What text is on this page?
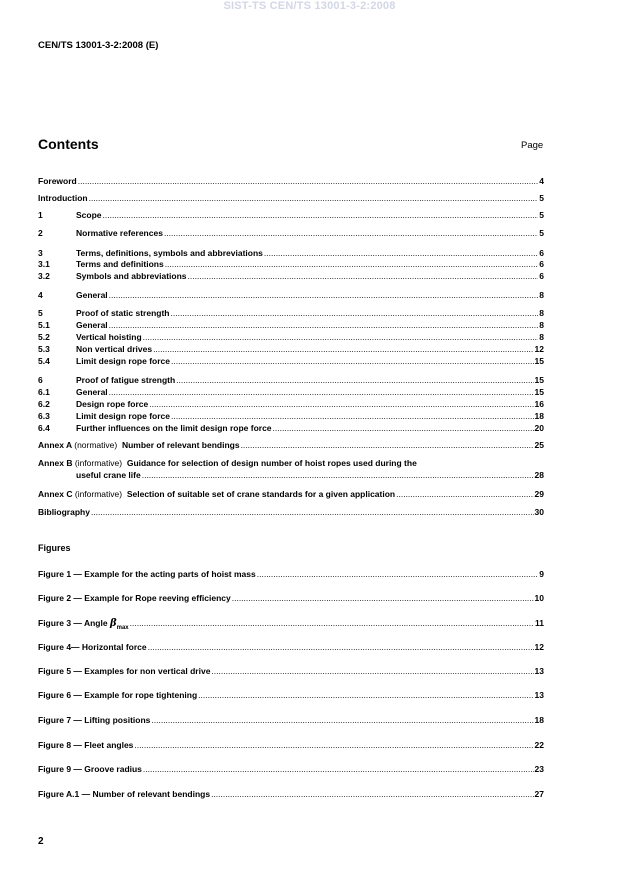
SIST-TS CEN/TS 13001-3-2:2008
CEN/TS 13001-3-2:2008 (E)
Contents	Page
Foreword .....	4
Introduction .....	5
1	Scope .....	5
2	Normative references .....	5
3	Terms, definitions, symbols and abbreviations .....	6
3.1	Terms and definitions .....	6
3.2	Symbols and abbreviations .....	6
4	General .....	8
5	Proof of static strength .....	8
5.1	General .....	8
5.2	Vertical hoisting .....	8
5.3	Non vertical drives .....	12
5.4	Limit design rope force .....	15
6	Proof of fatigue strength .....	15
6.1	General .....	15
6.2	Design rope force .....	16
6.3	Limit design rope force .....	18
6.4	Further influences on the limit design rope force .....	20
Annex A (normative) Number of relevant bendings .....	25
Annex B (informative) Guidance for selection of design number of hoist ropes used during the
useful crane life .....	28
Annex C (informative) Selection of suitable set of crane standards for a given application .....	29
Bibliography .....	30
Figures
Figure 1 — Example for the acting parts of hoist mass .....	9
Figure 2 — Example for Rope reeving efficiency .....	10
Figure 3 — Angle $\beta_{max}$ .....	11
Figure 4— Horizontal force .....	12
Figure 5 — Examples for non vertical drive .....	13
Figure 6 — Example for rope tightening .....	13
Figure 7 — Lifting positions .....	18
Figure 8 — Fleet angles .....	22
Figure 9 — Groove radius .....	23
Figure A.1 — Number of relevant bendings .....	27
2
